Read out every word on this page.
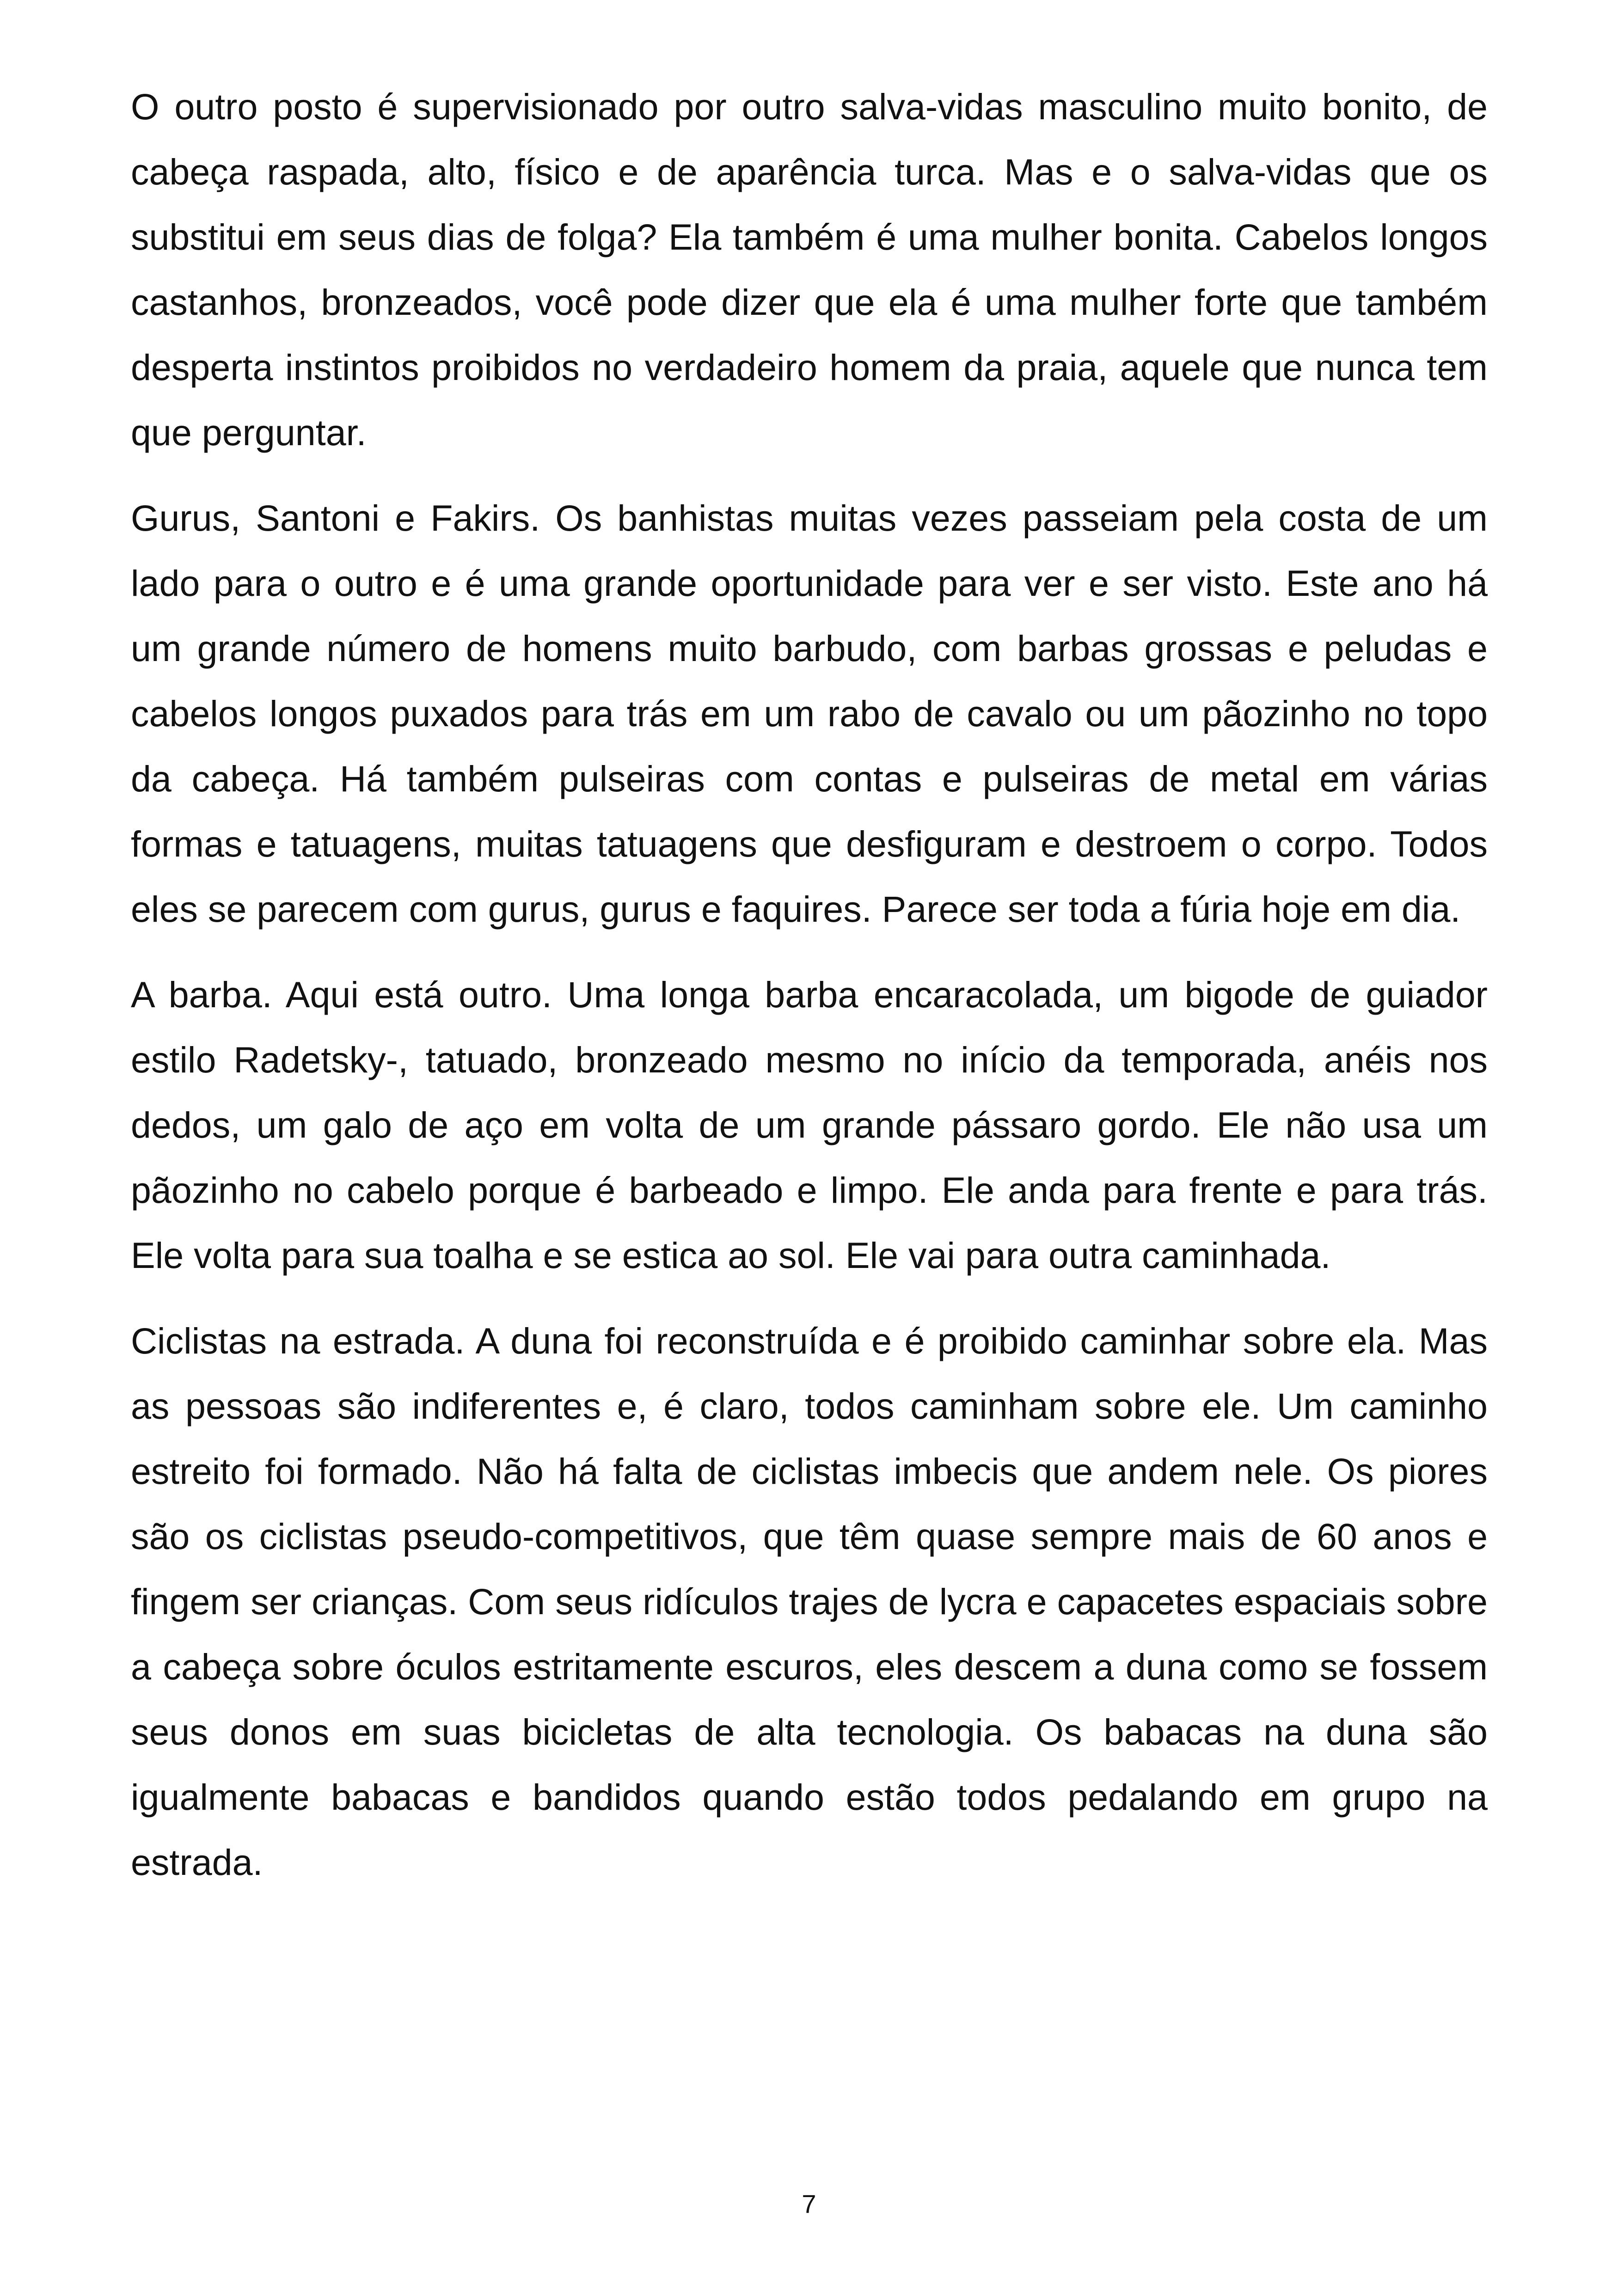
O outro posto é supervisionado por outro salva-vidas masculino muito bonito, de cabeça raspada, alto, físico e de aparência turca. Mas e o salva-vidas que os substitui em seus dias de folga? Ela também é uma mulher bonita. Cabelos longos castanhos, bronzeados, você pode dizer que ela é uma mulher forte que também desperta instintos proibidos no verdadeiro homem da praia, aquele que nunca tem que perguntar.

Gurus, Santoni e Fakirs. Os banhistas muitas vezes passeiam pela costa de um lado para o outro e é uma grande oportunidade para ver e ser visto. Este ano há um grande número de homens muito barbudo, com barbas grossas e peludas e cabelos longos puxados para trás em um rabo de cavalo ou um pãozinho no topo da cabeça. Há também pulseiras com contas e pulseiras de metal em várias formas e tatuagens, muitas tatuagens que desfiguram e destroem o corpo. Todos eles se parecem com gurus, gurus e faquires. Parece ser toda a fúria hoje em dia.

A barba. Aqui está outro. Uma longa barba encaracolada, um bigode de guiador estilo Radetsky-, tatuado, bronzeado mesmo no início da temporada, anéis nos dedos, um galo de aço em volta de um grande pássaro gordo. Ele não usa um pãozinho no cabelo porque é barbeado e limpo. Ele anda para frente e para trás. Ele volta para sua toalha e se estica ao sol. Ele vai para outra caminhada.

Ciclistas na estrada. A duna foi reconstruída e é proibido caminhar sobre ela. Mas as pessoas são indiferentes e, é claro, todos caminham sobre ele. Um caminho estreito foi formado. Não há falta de ciclistas imbecis que andem nele. Os piores são os ciclistas pseudo-competitivos, que têm quase sempre mais de 60 anos e fingem ser crianças. Com seus ridículos trajes de lycra e capacetes espaciais sobre a cabeça sobre óculos estritamente escuros, eles descem a duna como se fossem seus donos em suas bicicletas de alta tecnologia. Os babacas na duna são igualmente babacas e bandidos quando estão todos pedalando em grupo na estrada.

7
